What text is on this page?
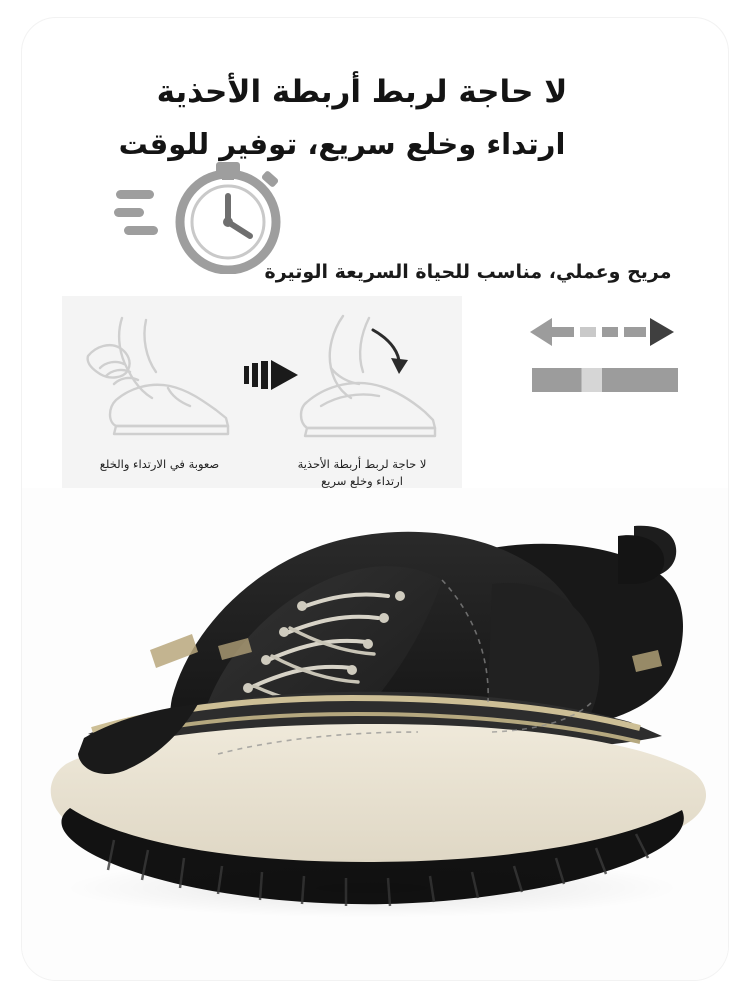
لا حاجة لربط أربطة الأحذية
ارتداء وخلع سريع، توفير للوقت
مريح وعملي، مناسب للحياة السريعة الوتيرة
صعوبة في الارتداء والخلع	لا حاجة لربط أربطة الأحذية
ارتداء وخلع سريع
